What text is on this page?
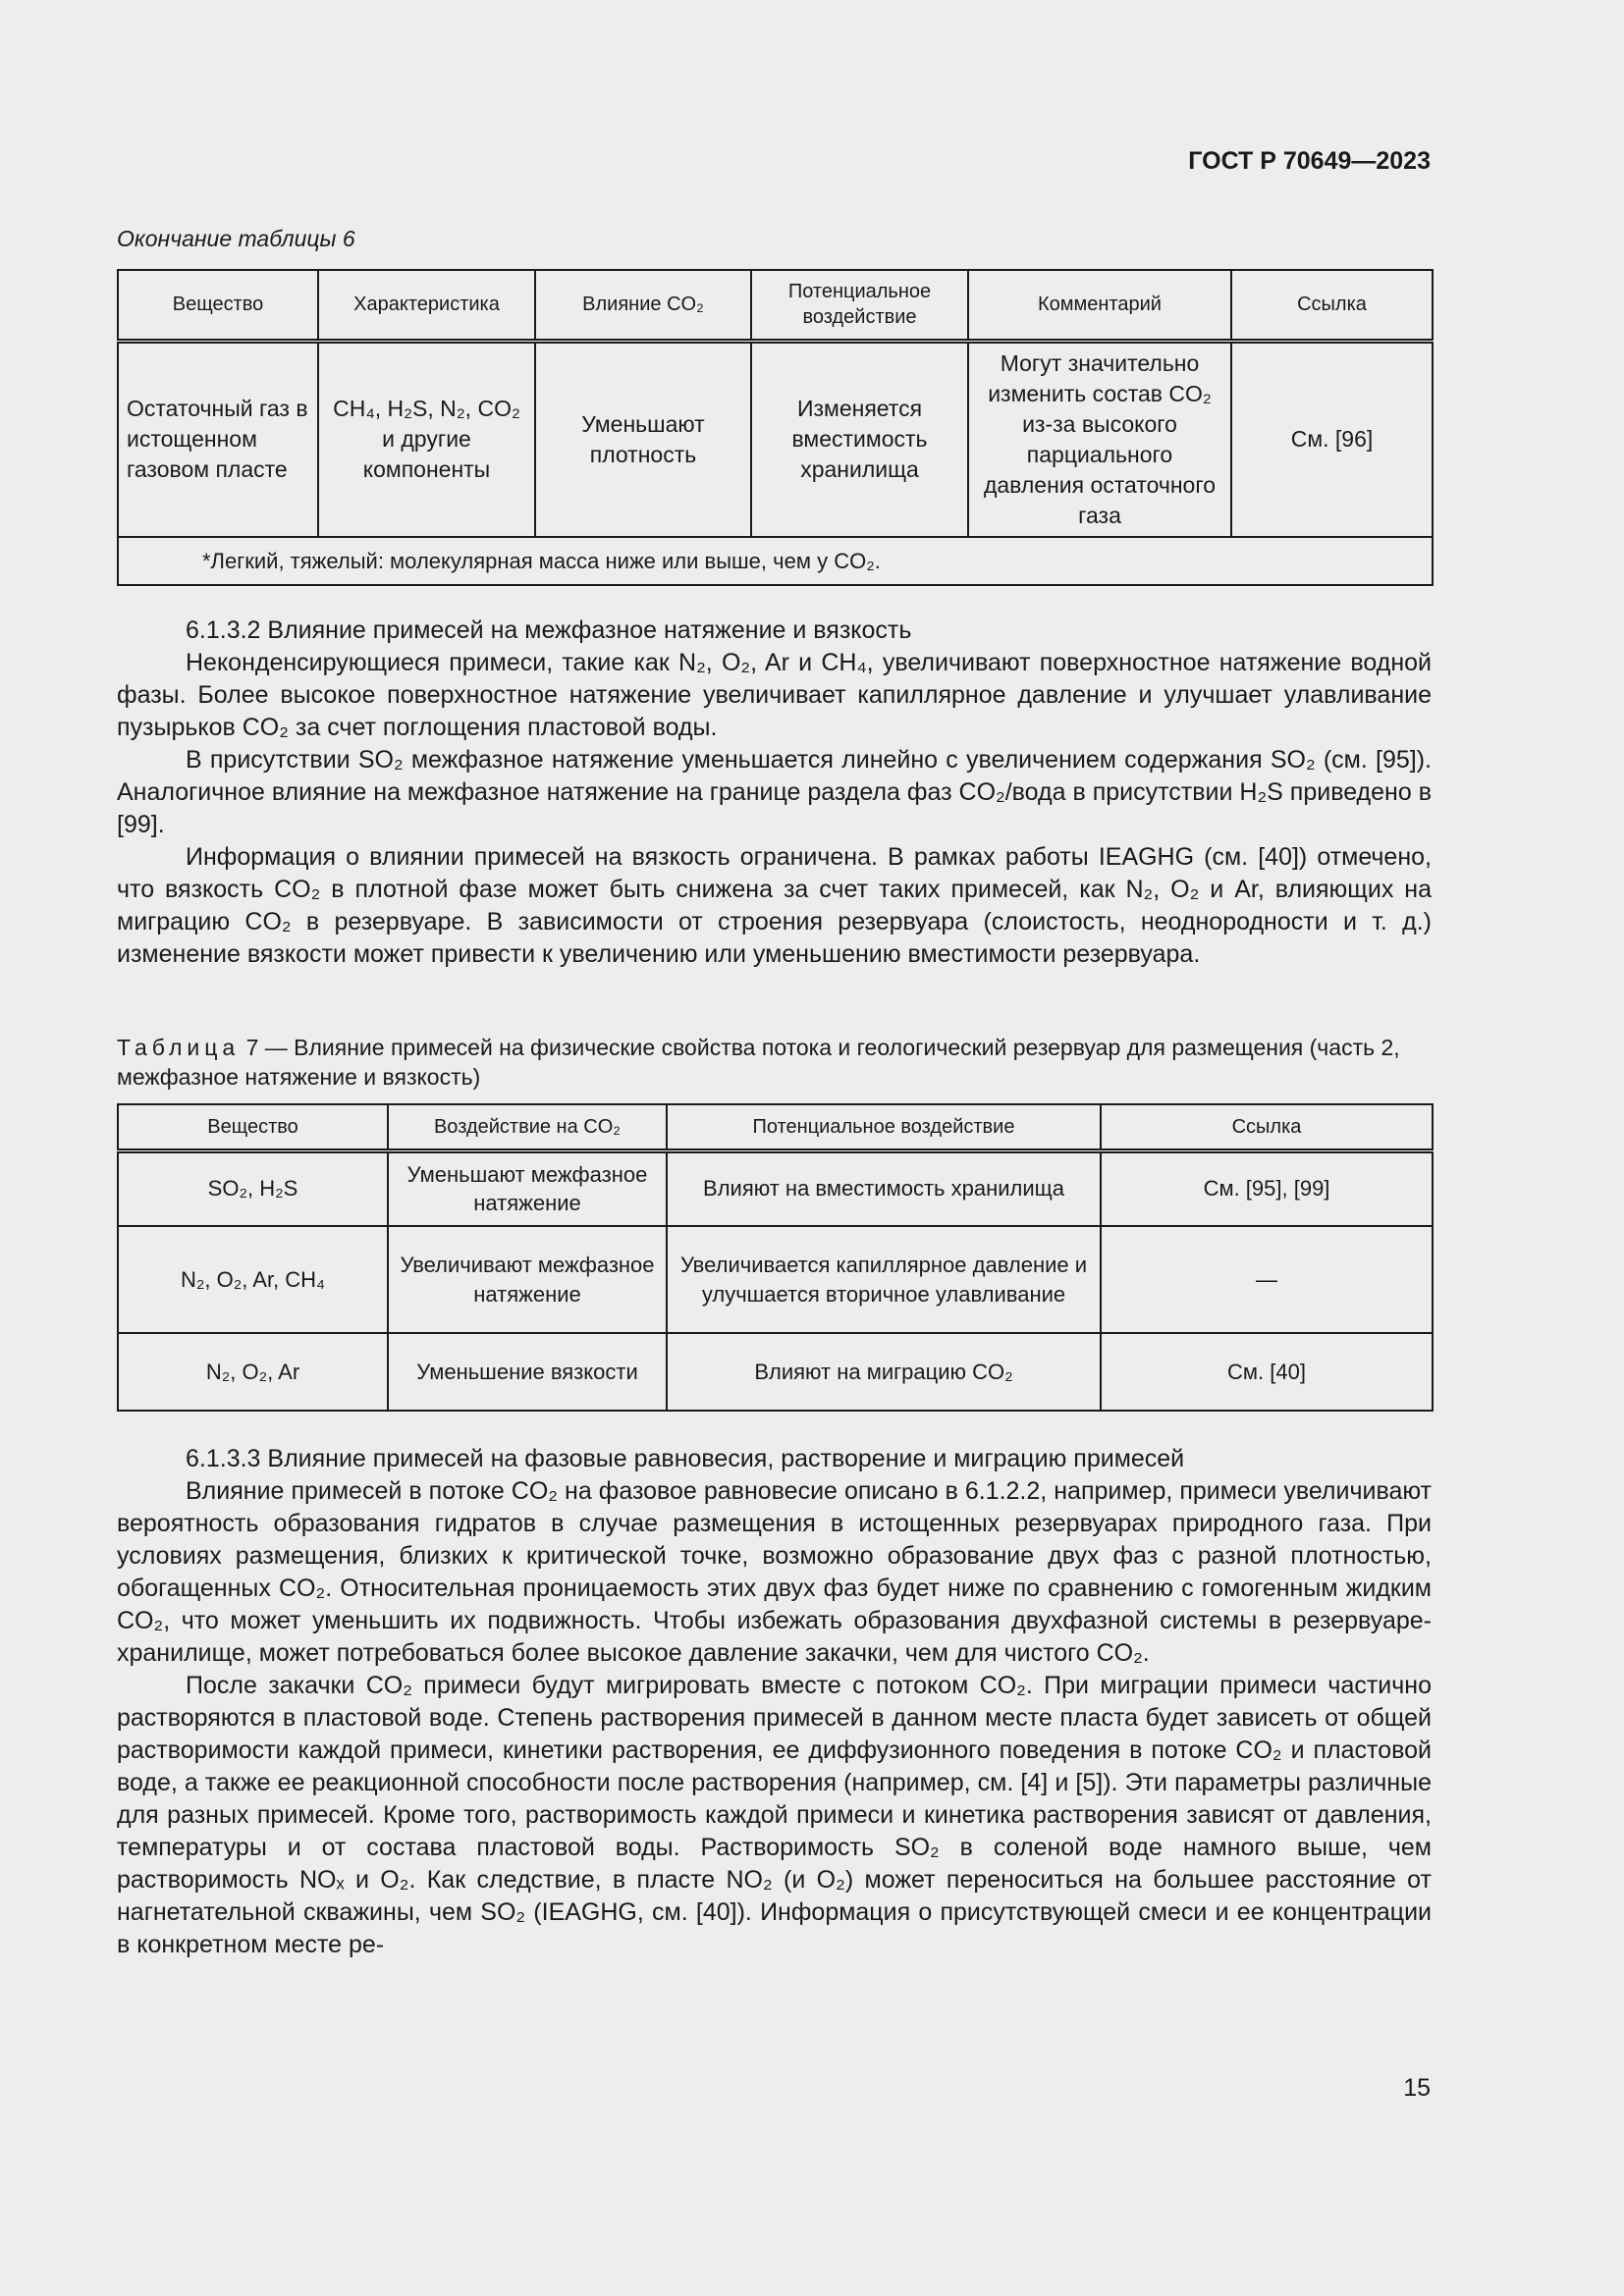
ГОСТ Р 70649—2023
Окончание таблицы 6
Вещество	Характеристика	Влияние CO₂	Потенциальное воздействие	Комментарий	Ссылка
Остаточный газ в истощенном газовом пласте	CH₄, H₂S, N₂, CO₂ и другие компоненты	Уменьшают плотность	Изменяется вместимость хранилища	Могут значительно изменить состав CO₂ из-за высокого парциального давления остаточного газа	См. [96]
*Легкий, тяжелый: молекулярная масса ниже или выше, чем у CO₂.					

6.1.3.2 Влияние примесей на межфазное натяжение и вязкость

Неконденсирующиеся примеси, такие как N₂, O₂, Ar и CH₄, увеличивают поверхностное натяжение водной фазы. Более высокое поверхностное натяжение увеличивает капиллярное давление и улучшает улавливание пузырьков CO₂ за счет поглощения пластовой воды.

В присутствии SO₂ межфазное натяжение уменьшается линейно с увеличением содержания SO₂ (см. [95]). Аналогичное влияние на межфазное натяжение на границе раздела фаз CO₂/вода в присутствии H₂S приведено в [99].

Информация о влиянии примесей на вязкость ограничена. В рамках работы IEAGHG (см. [40]) отмечено, что вязкость CO₂ в плотной фазе может быть снижена за счет таких примесей, как N₂, O₂ и Ar, влияющих на миграцию CO₂ в резервуаре. В зависимости от строения резервуара (слоистость, неоднородности и т. д.) изменение вязкости может привести к увеличению или уменьшению вместимости резервуара.

Таблица 7 — Влияние примесей на физические свойства потока и геологический резервуар для размещения (часть 2, межфазное натяжение и вязкость)
Вещество	Воздействие на CO₂	Потенциальное воздействие	Ссылка
SO₂, H₂S	Уменьшают межфазное натяжение	Влияют на вместимость хранилища	См. [95], [99]
N₂, O₂, Ar, CH₄	Увеличивают межфазное натяжение	Увеличивается капиллярное давление и улучшается вторичное улавливание	—
N₂, O₂, Ar	Уменьшение вязкости	Влияют на миграцию CO₂	См. [40]

6.1.3.3 Влияние примесей на фазовые равновесия, растворение и миграцию примесей

Влияние примесей в потоке CO₂ на фазовое равновесие описано в 6.1.2.2, например, примеси увеличивают вероятность образования гидратов в случае размещения в истощенных резервуарах природного газа. При условиях размещения, близких к критической точке, возможно образование двух фаз с разной плотностью, обогащенных CO₂. Относительная проницаемость этих двух фаз будет ниже по сравнению с гомогенным жидким CO₂, что может уменьшить их подвижность. Чтобы избежать образования двухфазной системы в резервуаре-хранилище, может потребоваться более высокое давление закачки, чем для чистого CO₂.

После закачки CO₂ примеси будут мигрировать вместе с потоком CO₂. При миграции примеси частично растворяются в пластовой воде. Степень растворения примесей в данном месте пласта будет зависеть от общей растворимости каждой примеси, кинетики растворения, ее диффузионного поведения в потоке CO₂ и пластовой воде, а также ее реакционной способности после растворения (например, см. [4] и [5]). Эти параметры различные для разных примесей. Кроме того, растворимость каждой примеси и кинетика растворения зависят от давления, температуры и от состава пластовой воды. Растворимость SO₂ в соленой воде намного выше, чем растворимость NOₓ и O₂. Как следствие, в пласте NO₂ (и O₂) может переноситься на большее расстояние от нагнетательной скважины, чем SO₂ (IEAGHG, см. [40]). Информация о присутствующей смеси и ее концентрации в конкретном месте ре-

15
